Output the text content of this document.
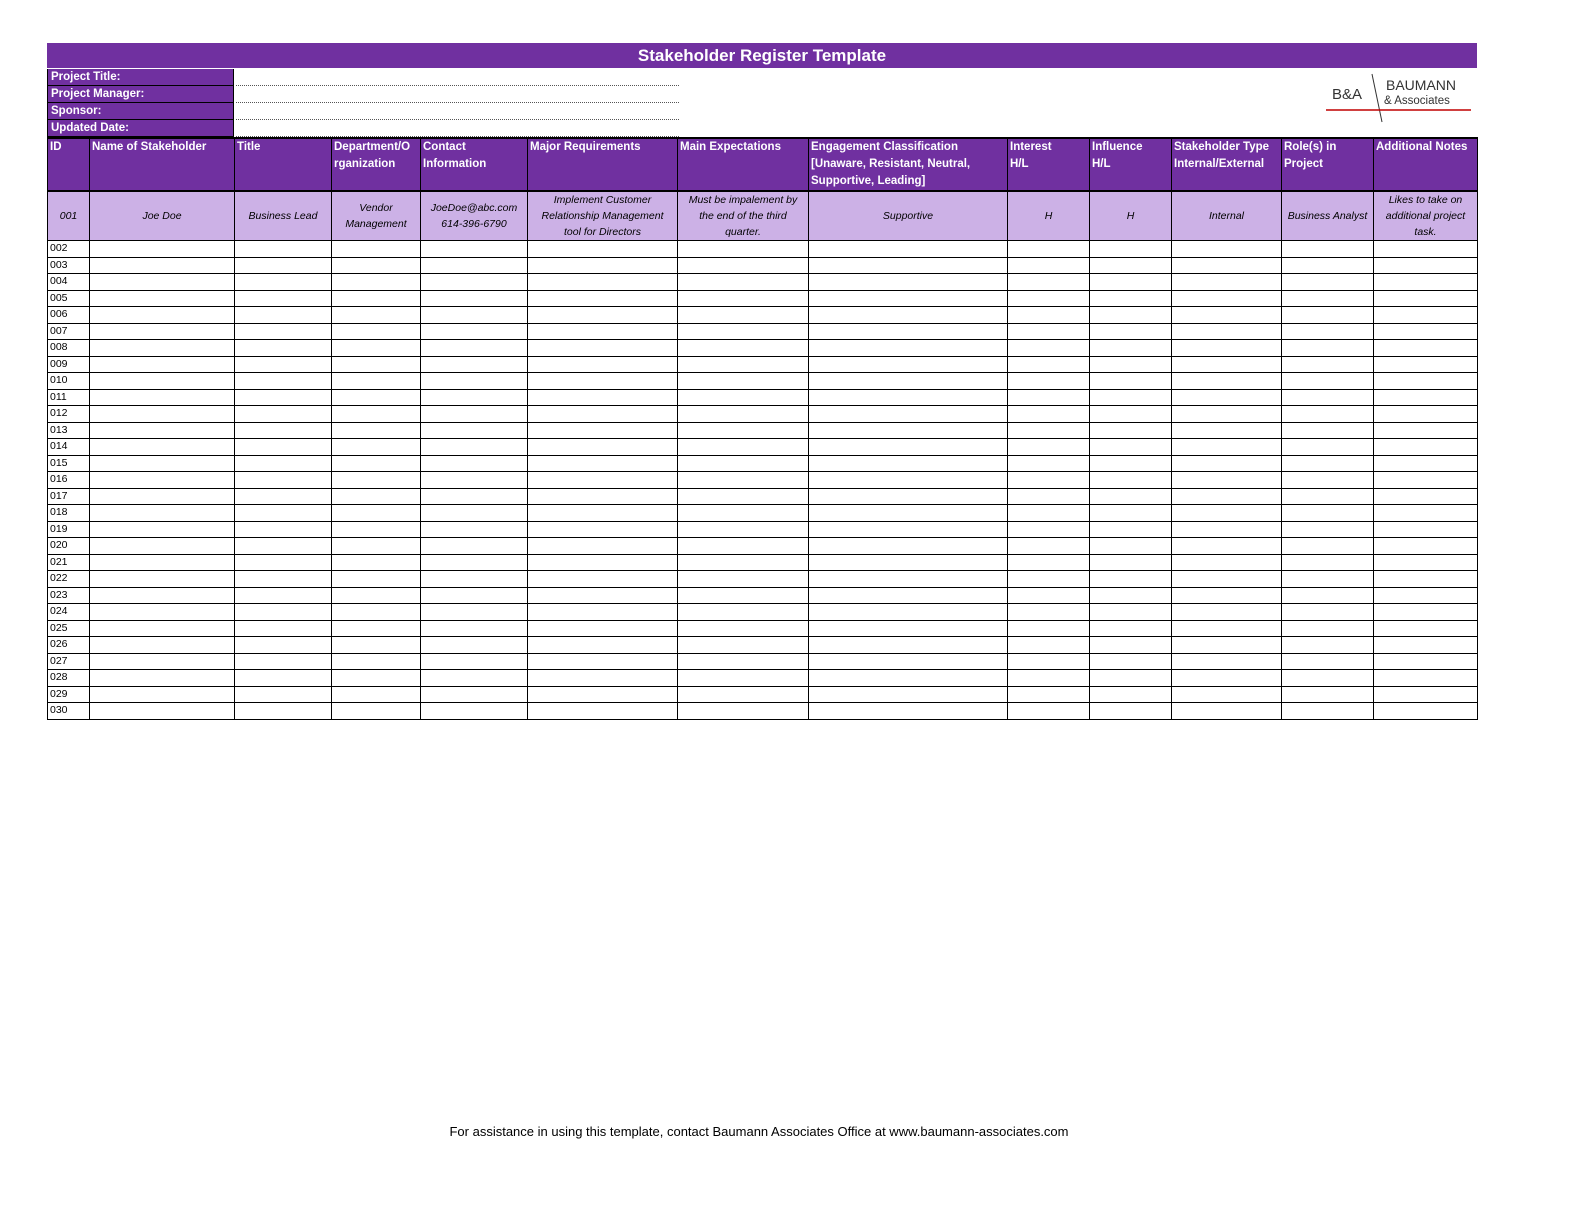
Stakeholder Register Template
Project Title:
Project Manager:
Sponsor:
Updated Date:
B&A
BAUMANN
& Associates
ID	Name of Stakeholder	Title	Department/O
rganization	Contact
Information	Major Requirements	Main Expectations	Engagement Classification
[Unaware, Resistant, Neutral,
Supportive, Leading]	Interest
H/L	Influence
H/L	Stakeholder Type
Internal/External	Role(s) in
Project	Additional Notes
001	Joe Doe	Business Lead	Vendor
Management	JoeDoe@abc.com
614-396-6790	Implement Customer
Relationship Management
tool for Directors	Must be impalement by
the end of the third
quarter.	Supportive	H	H	Internal	Business Analyst	Likes to take on
additional project
task.
002												
003												
004												
005												
006												
007												
008												
009												
010												
011												
012												
013												
014												
015												
016												
017												
018												
019												
020												
021												
022												
023												
024												
025												
026												
027												
028												
029												
030												
For assistance in using this template, contact Baumann Associates Office at www.baumann-associates.com
